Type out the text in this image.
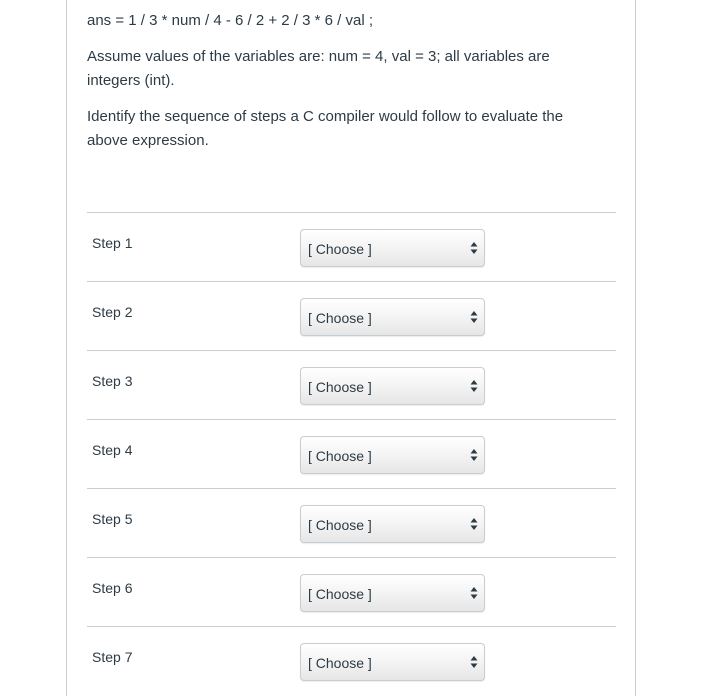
ans = 1 / 3 * num / 4 - 6 / 2 + 2 / 3 * 6 / val ;

Assume values of the variables are: num = 4, val = 3; all variables are integers (int).

Identify the sequence of steps a C compiler would follow to evaluate the above expression.

Step 1	[ Choose ]
Step 2	[ Choose ]
Step 3	[ Choose ]
Step 4	[ Choose ]
Step 5	[ Choose ]
Step 6	[ Choose ]
Step 7	[ Choose ]
